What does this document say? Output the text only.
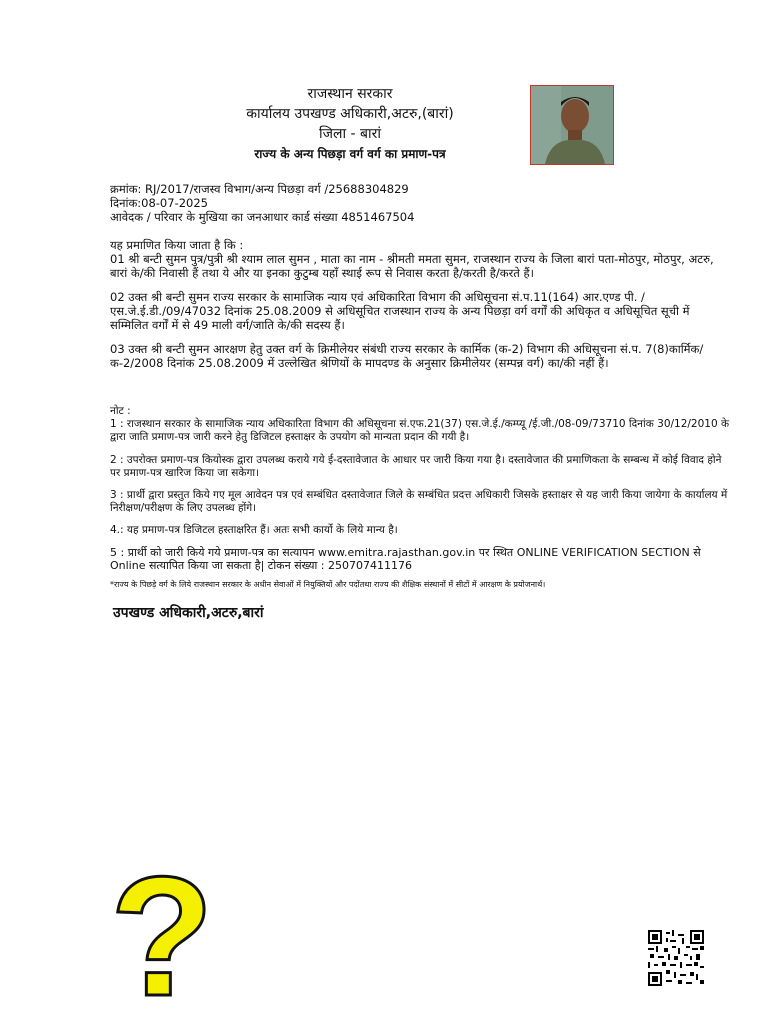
राजस्थान सरकार
कार्यालय उपखण्ड अधिकारी,अटरु,(बारां)
जिला - बारां
राज्य के अन्य पिछड़ा वर्ग वर्ग का प्रमाण-पत्र
क्रमांक: RJ/2017/राजस्व विभाग/अन्य पिछड़ा वर्ग /25688304829
दिनांक:08-07-2025
आवेदक / परिवार के मुखिया का जनआधार कार्ड संख्या 4851467504
यह प्रमाणित किया जाता है कि :
01 श्री बन्टी सुमन पुत्र/पुत्री श्री श्याम लाल सुमन , माता का नाम - श्रीमती ममता सुमन, राजस्थान राज्य के जिला बारां पता-मोठपुर, मोठपुर, अटरु, बारां के/की निवासी हैं तथा ये और या इनका कुटुम्ब यहाँ स्थाई रूप से निवास करता है/करती है/करते हैं।
02 उक्त श्री बन्टी सुमन राज्य सरकार के सामाजिक न्याय एवं अधिकारिता विभाग की अधिसूचना सं.प.11(164) आर.एण्ड पी. /एस.जे.ई.डी./09/47032 दिनांक 25.08.2009 से अधिसूचित राजस्थान राज्य के अन्य पिछड़ा वर्ग वर्गों की अधिकृत व अधिसूचित सूची में सम्मिलित वर्गों में से 49 माली वर्ग/जाति के/की सदस्य हैं।
03 उक्त श्री बन्टी सुमन आरक्षण हेतु उक्त वर्ग के क्रिमीलेयर संबंधी राज्य सरकार के कार्मिक (क-2) विभाग की अधिसूचना सं.प. 7(8)कार्मिक/क-2/2008 दिनांक 25.08.2009 में उल्लेखित श्रेणियों के मापदण्ड के अनुसार क्रिमीलेयर (सम्पन्न वर्ग) का/की नहीं हैं।
नोट :
1 : राजस्थान सरकार के सामाजिक न्याय अधिकारिता विभाग की अधिसूचना सं.एफ.21(37) एस.जे.ई./कम्प्यू /ई.जी./08-09/73710 दिनांक 30/12/2010 के द्वारा जाति प्रमाण-पत्र जारी करने हेतु डिजिटल हस्ताक्षर के उपयोग को मान्यता प्रदान की गयी है।
2 : उपरोक्त प्रमाण-पत्र कियोस्क द्वारा उपलब्ध कराये गये ई-दस्तावेजात के आधार पर जारी किया गया है। दस्तावेजात की प्रमाणिकता के सम्बन्ध में कोई विवाद होने पर प्रमाण-पत्र खारिज किया जा सकेगा।
3 : प्रार्थी द्वारा प्रस्तुत किये गए मूल आवेदन पत्र एवं सम्बंधित दस्तावेजात जिले के सम्बंधित प्रदत्त अधिकारी जिसके हस्ताक्षर से यह जारी किया जायेगा के कार्यालय में निरीक्षण/परीक्षण के लिए उपलब्ध होंगे।
4.: यह प्रमाण-पत्र डिजिटल हस्ताक्षरित हैं। अतः सभी कार्यो के लिये मान्य है।
5 : प्रार्थी को जारी किये गये प्रमाण-पत्र का सत्यापन www.emitra.rajasthan.gov.in पर स्थित ONLINE VERIFICATION SECTION से Online सत्यापित किया जा सकता है| टोकन संख्या : 250707411176
*राज्य के पिछड़े वर्ग के लिये राजस्थान सरकार के अधीन सेवाओं में नियुक्तियों और पदोंतथा राज्य की शैक्षिक संस्थानों में सीटों में आरक्षण के प्रयोजनार्थ।
उपखण्ड अधिकारी,अटरु,बारां
?
